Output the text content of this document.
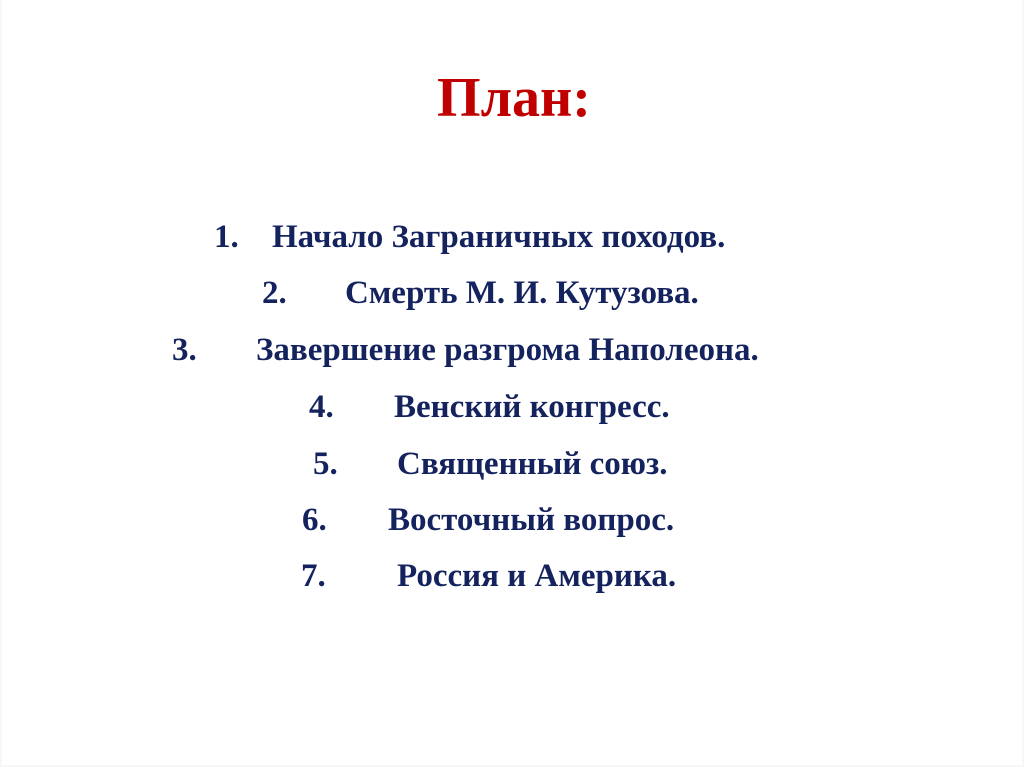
План:
1. Начало Заграничных походов.
2. Смерть М. И. Кутузова.
3. Завершение разгрома Наполеона.
4. Венский конгресс.
5. Священный союз.
6. Восточный вопрос.
7. Россия и Америка.
